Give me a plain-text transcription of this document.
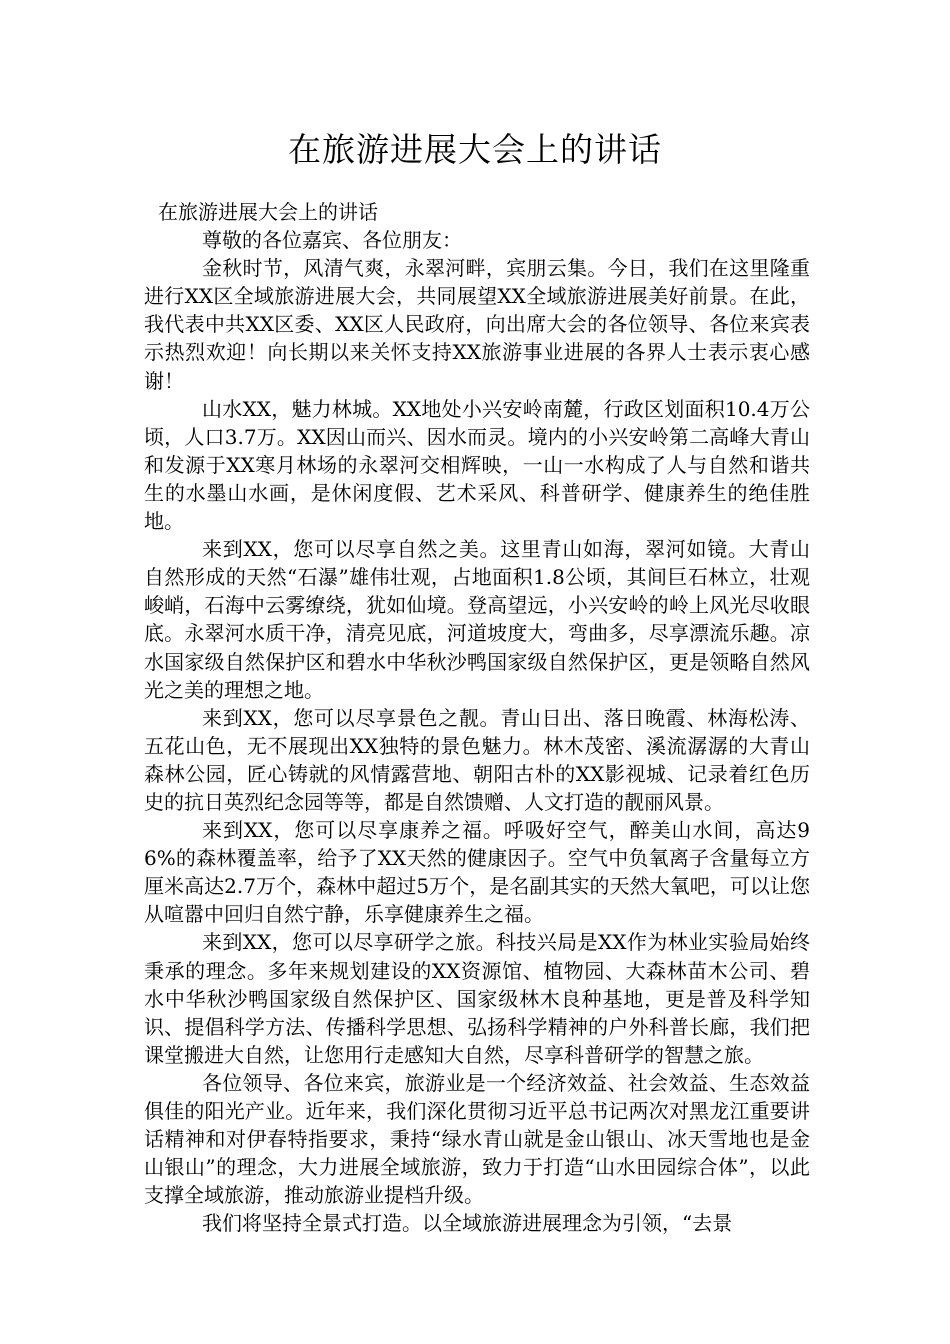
在旅游进展大会上的讲话

在旅游进展大会上的讲话

尊敬的各位嘉宾、各位朋友：

金秋时节，风清气爽，永翠河畔，宾朋云集。今日，我们在这里隆重进行XX区全域旅游进展大会，共同展望XX全域旅游进展美好前景。在此，我代表中共XX区委、XX区人民政府，向出席大会的各位领导、各位来宾表示热烈欢迎！向长期以来关怀支持XX旅游事业进展的各界人士表示衷心感谢！

山水XX，魅力林城。XX地处小兴安岭南麓，行政区划面积10.4万公顷，人口3.7万。XX因山而兴、因水而灵。境内的小兴安岭第二高峰大青山和发源于XX寒月林场的永翠河交相辉映，一山一水构成了人与自然和谐共生的水墨山水画，是休闲度假、艺术采风、科普研学、健康养生的绝佳胜地。

来到XX，您可以尽享自然之美。这里青山如海，翠河如镜。大青山自然形成的天然“石瀑”雄伟壮观，占地面积1.8公顷，其间巨石林立，壮观峻峭，石海中云雾缭绕，犹如仙境。登高望远，小兴安岭的岭上风光尽收眼底。永翠河水质干净，清亮见底，河道坡度大，弯曲多，尽享漂流乐趣。凉水国家级自然保护区和碧水中华秋沙鸭国家级自然保护区，更是领略自然风光之美的理想之地。

来到XX，您可以尽享景色之靓。青山日出、落日晚霞、林海松涛、五花山色，无不展现出XX独特的景色魅力。林木茂密、溪流潺潺的大青山森林公园，匠心铸就的风情露营地、朝阳古朴的XX影视城、记录着红色历史的抗日英烈纪念园等等，都是自然馈赠、人文打造的靓丽风景。

来到XX，您可以尽享康养之福。呼吸好空气，醉美山水间，高达96%的森林覆盖率，给予了XX天然的健康因子。空气中负氧离子含量每立方厘米高达2.7万个，森林中超过5万个，是名副其实的天然大氧吧，可以让您从喧嚣中回归自然宁静，乐享健康养生之福。

来到XX，您可以尽享研学之旅。科技兴局是XX作为林业实验局始终秉承的理念。多年来规划建设的XX资源馆、植物园、大森林苗木公司、碧水中华秋沙鸭国家级自然保护区、国家级林木良种基地，更是普及科学知识、提倡科学方法、传播科学思想、弘扬科学精神的户外科普长廊，我们把课堂搬进大自然，让您用行走感知大自然，尽享科普研学的智慧之旅。

各位领导、各位来宾，旅游业是一个经济效益、社会效益、生态效益俱佳的阳光产业。近年来，我们深化贯彻习近平总书记两次对黑龙江重要讲话精神和对伊春特指要求，秉持“绿水青山就是金山银山、冰天雪地也是金山银山”的理念，大力进展全域旅游，致力于打造“山水田园综合体”，以此支撑全域旅游，推动旅游业提档升级。

我们将坚持全景式打造。以全域旅游进展理念为引领，“去景
